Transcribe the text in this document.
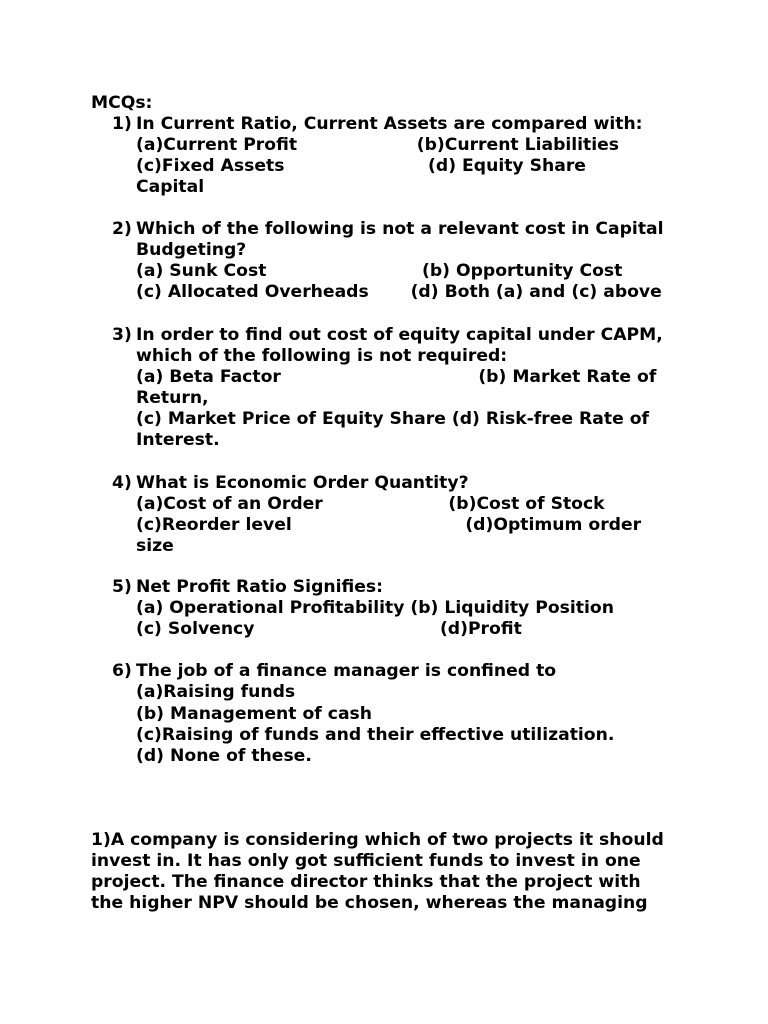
MCQs:
1) In Current Ratio, Current Assets are compared with:
(a)Current Profit                    (b)Current Liabilities
(c)Fixed Assets                        (d) Equity Share
Capital
2) Which of the following is not a relevant cost in Capital
Budgeting?
(a) Sunk Cost                          (b) Opportunity Cost
(c) Allocated Overheads       (d) Both (a) and (c) above
3) In order to find out cost of equity capital under CAPM,
which of the following is not required:
(a) Beta Factor                                 (b) Market Rate of
Return,
(c) Market Price of Equity Share (d) Risk-free Rate of
Interest.
4) What is Economic Order Quantity?
(a)Cost of an Order                     (b)Cost of Stock
(c)Reorder level                             (d)Optimum order
size
5) Net Profit Ratio Signifies:
(a) Operational Profitability (b) Liquidity Position
(c) Solvency                               (d)Profit
6) The job of a finance manager is confined to
(a)Raising funds
(b) Management of cash
(c)Raising of funds and their effective utilization.
(d) None of these.
1)A company is considering which of two projects it should
invest in. It has only got sufficient funds to invest in one
project. The finance director thinks that the project with
the higher NPV should be chosen, whereas the managing
